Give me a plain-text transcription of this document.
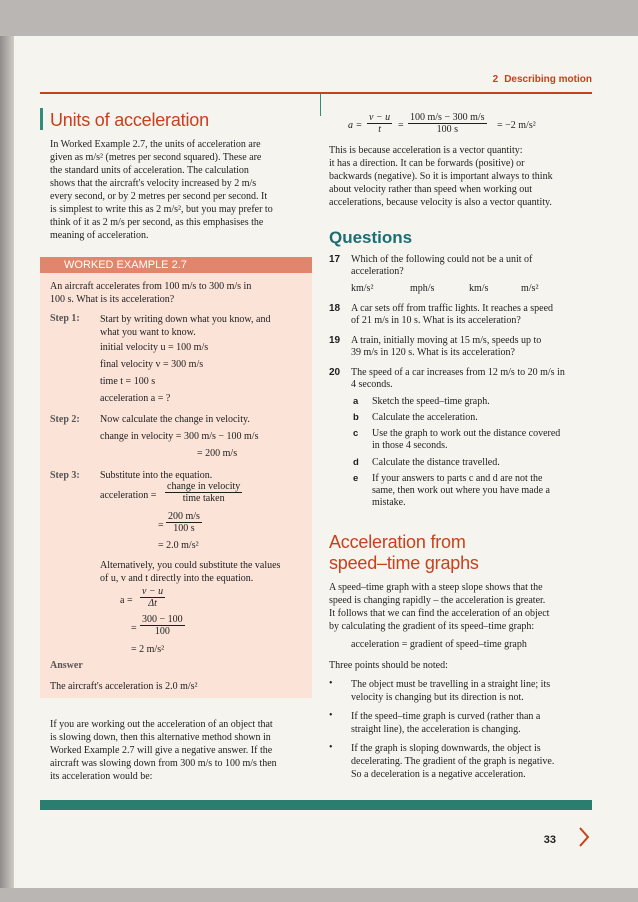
2 Describing motion
Units of acceleration
In Worked Example 2.7, the units of acceleration are
given as m/s² (metres per second squared). These are
the standard units of acceleration. The calculation
shows that the aircraft's velocity increased by 2 m/s
every second, or by 2 metres per second per second. It
is simplest to write this as 2 m/s², but you may prefer to
think of it as 2 m/s per second, as this emphasises the
meaning of acceleration.
WORKED EXAMPLE 2.7
An aircraft accelerates from 100 m/s to 300 m/s in
100 s. What is its acceleration?
Step 1: Start by writing down what you know, and
what you want to know.
initial velocity u = 100 m/s
final velocity v = 300 m/s
time t = 100 s
acceleration a = ?
Step 2: Now calculate the change in velocity.
change in velocity = 300 m/s − 100 m/s
= 200 m/s
Step 3: Substitute into the equation.
acceleration =
change in velocity
time taken
= $\frac{200 m/s}{100 s}$
= 2.0 m/s²
Alternatively, you could substitute the values
of u, v and t directly into the equation.
$a = \frac{v - u}{\Delta t}$
= $\frac{300 - 100}{100}$
= 2 m/s²
Answer
The aircraft's acceleration is 2.0 m/s²
If you are working out the acceleration of an object that
is slowing down, then this alternative method shown in
Worked Example 2.7 will give a negative answer. If the
aircraft was slowing down from 300 m/s to 100 m/s then
its acceleration would be:
$a = \frac{v - u}{t} = \frac{100 m/s - 300 m/s}{100 s} = -2$ m/s²
This is because acceleration is a vector quantity:
it has a direction. It can be forwards (positive) or
backwards (negative). So it is important always to think
about velocity rather than speed when working out
accelerations, because velocity is also a vector quantity.
Questions
17 Which of the following could not be a unit of
acceleration?
km/s²	mph/s	km/s	m/s²
18 A car sets off from traffic lights. It reaches a speed
of 21 m/s in 10 s. What is its acceleration?
19 A train, initially moving at 15 m/s, speeds up to
39 m/s in 120 s. What is its acceleration?
20 The speed of a car increases from 12 m/s to 20 m/s in
4 seconds.
a Sketch the speed–time graph.
b Calculate the acceleration.
c Use the graph to work out the distance covered
in those 4 seconds.
d Calculate the distance travelled.
e If your answers to parts c and d are not the
same, then work out where you have made a
mistake.
Acceleration from
speed–time graphs
A speed–time graph with a steep slope shows that the
speed is changing rapidly – the acceleration is greater.
It follows that we can find the acceleration of an object
by calculating the gradient of its speed–time graph:
acceleration = gradient of speed–time graph
Three points should be noted:
• The object must be travelling in a straight line; its
velocity is changing but its direction is not.
• If the speed–time graph is curved (rather than a
straight line), the acceleration is changing.
• If the graph is sloping downwards, the object is
decelerating. The gradient of the graph is negative.
So a deceleration is a negative acceleration.
33
